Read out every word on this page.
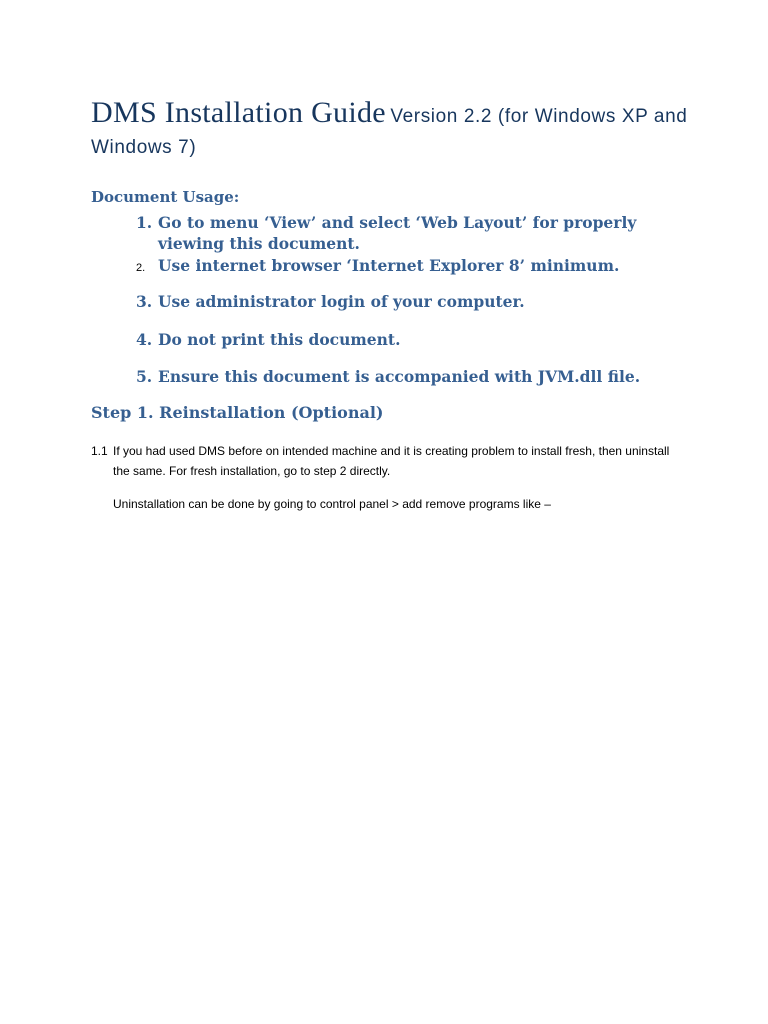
DMS Installation Guide Version 2.2 (for Windows XP and Windows 7)
Document Usage:
1. Go to menu ‘View’ and select ‘Web Layout’ for properly viewing this document.
2. Use internet browser ‘Internet Explorer 8’ minimum.
3. Use administrator login of your computer.
4. Do not print this document.
5. Ensure this document is accompanied with JVM.dll file.
Step 1. Reinstallation (Optional)
1.1 If you had used DMS before on intended machine and it is creating problem to install fresh, then uninstall the same. For fresh installation, go to step 2 directly.
Uninstallation can be done by going to control panel > add remove programs like –
